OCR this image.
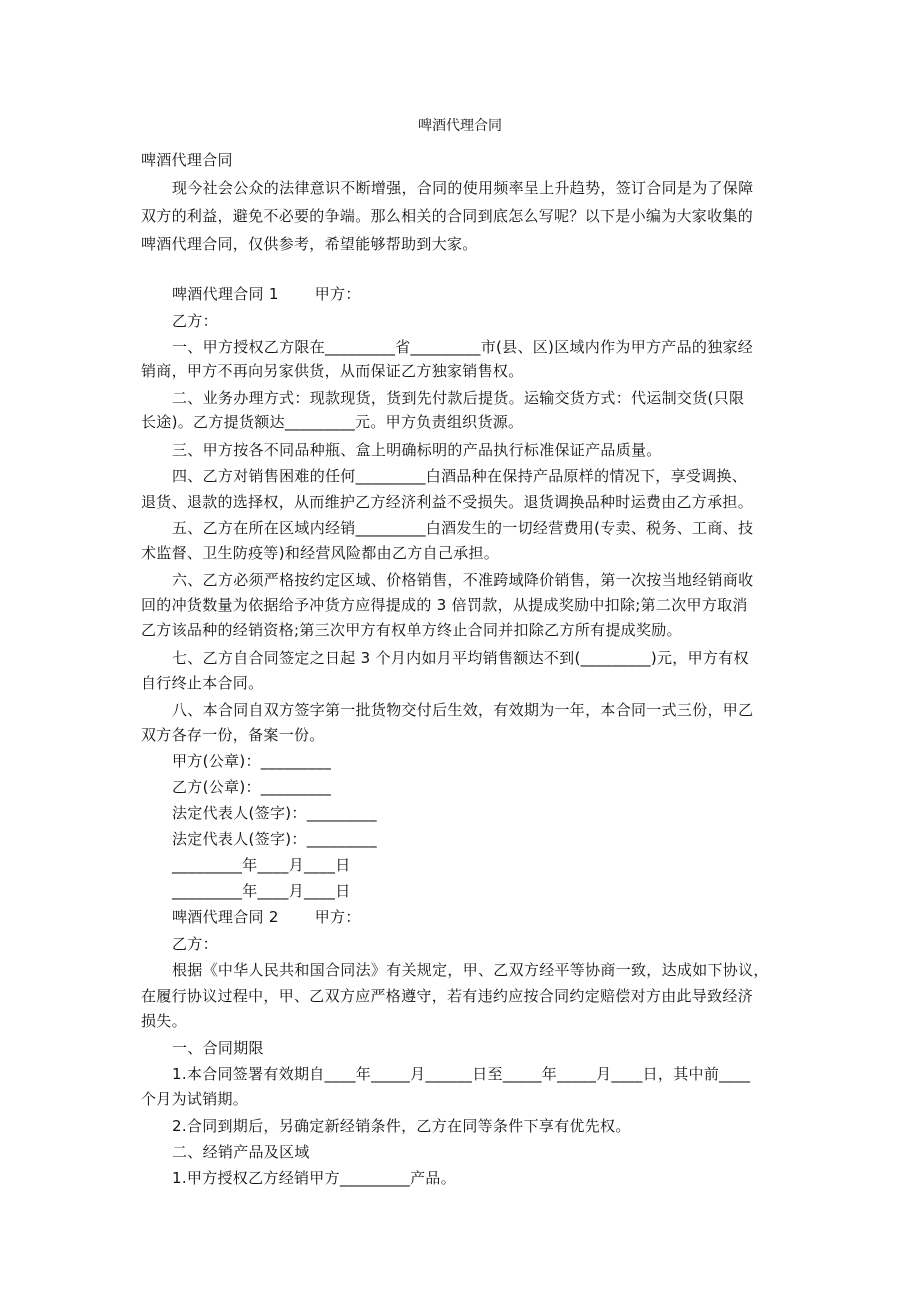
啤酒代理合同
啤酒代理合同
现今社会公众的法律意识不断增强，合同的使用频率呈上升趋势，签订合同是为了保障
双方的利益，避免不必要的争端。那么相关的合同到底怎么写呢？以下是小编为大家收集的
啤酒代理合同，仅供参考，希望能够帮助到大家。
啤酒代理合同 1 甲方：
乙方：
一、甲方授权乙方限在_________省_________市(县、区)区域内作为甲方产品的独家经
销商，甲方不再向另家供货，从而保证乙方独家销售权。
二、业务办理方式：现款现货，货到先付款后提货。运输交货方式：代运制交货(只限
长途)。乙方提货额达_________元。甲方负责组织货源。
三、甲方按各不同品种瓶、盒上明确标明的产品执行标准保证产品质量。
四、乙方对销售困难的任何_________白酒品种在保持产品原样的情况下，享受调换、
退货、退款的选择权，从而维护乙方经济利益不受损失。退货调换品种时运费由乙方承担。
五、乙方在所在区域内经销_________白酒发生的一切经营费用(专卖、税务、工商、技
术监督、卫生防疫等)和经营风险都由乙方自己承担。
六、乙方必须严格按约定区域、价格销售，不准跨域降价销售，第一次按当地经销商收
回的冲货数量为依据给予冲货方应得提成的 3 倍罚款，从提成奖励中扣除;第二次甲方取消
乙方该品种的经销资格;第三次甲方有权单方终止合同并扣除乙方所有提成奖励。
七、乙方自合同签定之日起 3 个月内如月平均销售额达不到(_________)元，甲方有权
自行终止本合同。
八、本合同自双方签字第一批货物交付后生效，有效期为一年，本合同一式三份，甲乙
双方各存一份，备案一份。
甲方(公章)：_________
乙方(公章)：_________
法定代表人(签字)：_________
法定代表人(签字)：_________
_________年____月____日
_________年____月____日
啤酒代理合同 2 甲方：
乙方：
根据《中华人民共和国合同法》有关规定，甲、乙双方经平等协商一致，达成如下协议，
在履行协议过程中，甲、乙双方应严格遵守，若有违约应按合同约定赔偿对方由此导致经济
损失。
一、合同期限
1.本合同签署有效期自____年_____月______日至_____年_____月____日，其中前____
个月为试销期。
2.合同到期后，另确定新经销条件，乙方在同等条件下享有优先权。
二、经销产品及区域
1.甲方授权乙方经销甲方_________产品。
